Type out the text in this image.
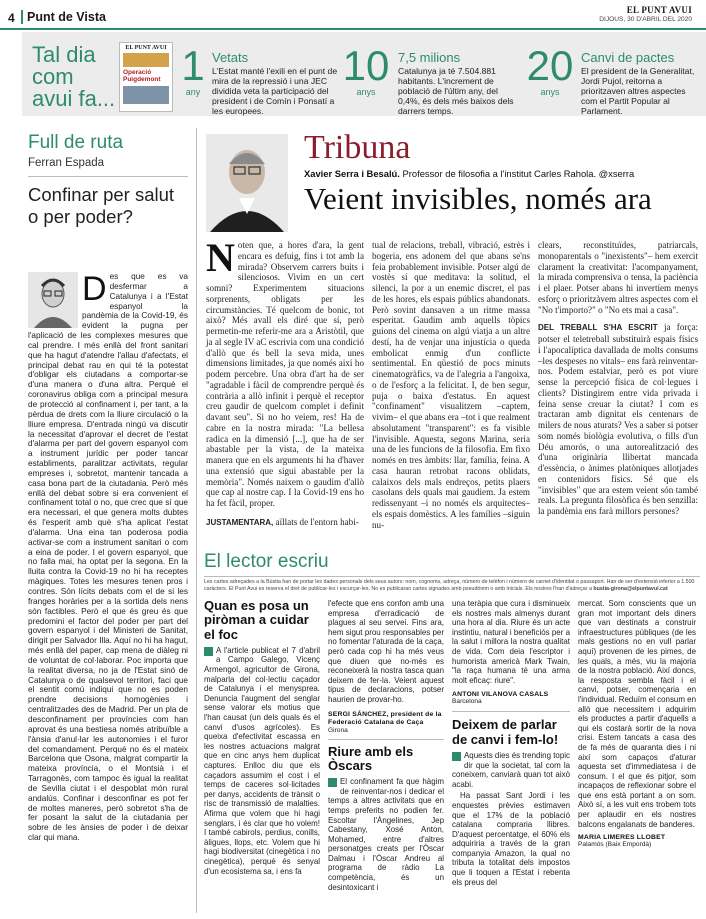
4 Punt de Vista	EL PUNT AVUI
DIJOUS, 30 D'ABRIL DEL 2020
Tal dia
com
avui fa...
EL PUNT AVUI
Operació Puigdemont 1
any
Vetats
L'Estat manté l'exili en el punt de mira de la repressió i una JEC dividida veta la participació del president i de Comín i Ponsatí a les europees.
10
anys
7,5 milions
Catalunya ja té 7.504.881 habitants. L'increment de població de l'últim any, del 0,4%, és dels més baixos dels darrers temps.
20
anys
Canvi de pactes
El president de la Generalitat, Jordi Pujol, reitorna a prioritzaven altres aspectes com el Partit Popular al Parlament.
Full de ruta
Ferran Espada
Confinar per salut o per poder?
D es que es va desfermar a Catalunya i a l'Estat espanyol la pandèmia de la Covid-19, és evident la pugna per l'aplicació de les complexes mesures que cal prendre. I més enllà del front sanitari que ha hagut d'atendre l'allau d'afectats, el principal debat rau en qui té la potestat d'obligar els ciutadans a comportar-se d'una manera o d'una altra. Perquè el coronavirus obliga com a principal mesura de protecció al confinament i, per tant, a la pèrdua de drets com la lliure circulació o la lliure empresa. D'entrada ningú va discutir la necessitat d'aprovar el decret de l'estat d'alarma per part del govern espanyol com a instrument jurídic per poder tancar establiments, paralitzar activitats, regular empreses i, sobretot, mantenir tancada a casa bona part de la ciutadania. Però més enllà del debat sobre si era convenient el confinament total o no, que crec que sí que era necessari, el que genera molts dubtes és l'esperit amb què s'ha aplicat l'estat d'alarma. Una eina tan poderosa podia activar-se com a instrument sanitari o com a eina de poder. I el govern espanyol, que no falla mai, ha optat per la segona. En la lluita contra la Covid-19 no hi ha receptes màgiques. Totes les mesures tenen pros i contres. Són lícits debats com el de si les franges horàries per a la sortida dels nens són factibles. Però el que és greu és que predomini el factor del poder per part del govern espanyol i del Ministeri de Sanitat, dirigit per Salvador Illa. Aquí no hi ha hagut, més enllà del paper, cap mena de diàleg ni de voluntat de col·laborar. Poc importa que la realitat diversa, no ja de l'Estat sinó de Catalunya o de qualsevol territori, faci que el sentit comú indiqui que no es poden prendre decisions homogènies i centralitzades des de Madrid. Per un pla de desconfinament per províncies com han aprovat és una bestiesa només atribuïble a l'ànsia d'anul·lar les autonomies i el furor del comandament. Perquè no és el mateix Barcelona que Osona, malgrat compartir la mateixa província, o el Montsià i el Tarragonès, com tampoc és igual la realitat de Sevilla ciutat i el despoblat món rural andalús. Confinar i desconfinar es pot fer de moltes maneres, però sobretot s'ha de fer posant la salut de la ciutadania per sobre de les ànsies de poder i de deixar clar qui mana.

Tribuna
Xavier Serra i Besalú. Professor de filosofia a l'institut Carles Rahola. @xserra
Veient invisibles, només ara
N oten que, a hores d'ara, la gent encara es defuig, fins i tot amb la mirada? Observem carrers buits i silenciosos. Vivim en un cert somni? Experimentem situacions sorprenents, obligats per les circumstàncies. Té quelcom de bonic, tot això? Més avall els diré que sí, però permetin-me referir-me ara a Aristòtil, que ja al segle IV aC escrivia com una condició d'allò que és bell la seva mida, unes dimensions limitades, ja que només així ho podem percebre. Una obra d'art ha de ser "agradable i fàcil de comprendre perquè és contrària a allò infinit i perquè el receptor creu gaudir de quelcom complet i definit davant seu". Si no ho veiem, res! Ha de cabre en la nostra mirada: "La bellesa radica en la dimensió [...], que ha de ser abastable per la vista, de la mateixa manera que en els arguments hi ha d'haver una extensió que sigui abastable per la memòria". Només naixem o gaudim d'allò que cap al nostre cap. I la Covid-19 ens ho ha fet fàcil, proper.

JUSTAMENTARA, aïllats de l'entorn habi-

tual de relacions, treball, vibració, estrès i bogeria, ens adonem del que abans se'ns feia probablement invisible. Potser algú de vostès sí que meditava: la solitud, el silenci, la por a un enemic discret, el pas de les hores, els espais públics abandonats. Però sovint dansaven a un ritme massa esperitat. Gaudim amb aquells tòpics guions del cinema on algú viatja a un altre destí, ha de venjar una injustícia o queda embolicat enmig d'un conflicte sentimental. En qüestió de pocs minuts cinematogràfics, va de l'alegria a l'angoixa, o de l'esforç a la felicitat. I, de ben segur, puja o baixa d'estatus. En aquest "confinament" visualitzem –captem, vivim– el que abans era –tot i que realment absolutament "transparent": es fa visible l'invisible. Aquesta, segons Marina, seria una de les funcions de la filosofia. Em fixo només en tres àmbits: llar, família, feina. A casa hauran retrobat racons oblidats, calaixos dels mals endreços, petits plaers casolans dels quals mai gaudiem. Ja estem redissenyant –i no només els arquitectes– els espais domèstics. A les famílies –siguin nu-

clears, reconstituïdes, patriarcals, monoparentals o "inexistents"– hem exercit clarament la creativitat: l'acompanyament, la mirada comprensiva o tensa, la paciència i el plaer. Potser abans hi invertíem menys esforç o prioritzàvem altres aspectes com el "No t'importo?" o "No ets mai a casa".

DEL TREBALL S'HA ESCRIT ja força: potser el teletreball substituirà espais físics i l'apocalíptica davallada de molts consums –les despeses no vitals– ens farà reinventar-nos. Podem estalviar, però es pot viure sense la percepció física de col·legues i clients? Distingirem entre vida privada i feina sense creuar la ciutat? I com es tractaran amb dignitat els centenars de milers de nous aturats? Ves a saber si potser som només biològia evolutiva, o fills d'un Déu amorós, o una autorealització des d'una originària llibertat mancada d'essència, o ànimes platòniques allotjades en contenidors físics. Sé que els "invisibles" que ara estem veient són també reals. La pregunta filosòfica és ben senzilla: la pandèmia ens farà millors persones?

El lector escriu
Les cartes adreçades a la Bústia han de portar les dades personals dels seus autors: nom, cognoms, adreça, número de telèfon i número de carnet d'identitat o passaport. Han de ser d'extensió inferior a 1.500 caràcters. El Punt Avui es reserva el dret de publicar-les i escurçar-les. No es publicaran cartes signades amb pseudònim o amb inicials. Els nostres l'han d'adreçar a bustia-girona@elpuntavui.cat

Quan es posa un piròman a cuidar el foc

A l'article publicat el 7 d'abril a Campo Galego, Vicenç Armengol, agricultor de Girona, malparla del col·lectiu caçador de Catalunya i el menysprea. Denuncia l'augment del senglar sense valorar els motius que l'han causat (un dels quals és el canvi d'usos agrícoles). Es queixa d'efectivitat escassa en les nostres actuacions malgrat que en cinc anys hem duplicat captures. Enlloc diu que els caçadors assumim el cost i el temps de caceres sol·licitades per danys, accidents de trànsit o risc de transmissió de malalties. Afirma que volem que hi hagi senglars, i és clar que ho volem! I també cabirols, perdius, conills, àligues, llops, etc. Volem que hi hagi biodiversitat (cinegètica i no cinegètica), perquè és senyal d'un ecosistema sa, i ens fa

l'efecte que ens confon amb una empresa d'erradicació de plagues al seu servei. Fins ara, hem sigut prou responsables per no fomentar l'aturada de la caça, però cada cop hi ha més veus que diuen que no-més es reconeixerà la nostra tasca quan deixem de fer-la. Veient aquest tipus de declaracions, potser haurien de provar-ho.

SERGI SÁNCHEZ, president de la Federació Catalana de Caça
Girona

Riure amb els Òscars

El confinament fa que hàgim de reinventar-nos i dedicar el temps a altres activitats que en temps preferits no podien fer. Escoltar l'Àngelines, Jep Cabestany, Xosé Anton, Mohamed, entre d'altres personatges creats per l'Òscar Dalmau i l'Òscar Andreu al programa de ràdio La competència, és un desintoxicant i

una teràpia que cura i disminueix els nostres mals almenys durant una hora al dia. Riure és un acte instintiu, natural i beneficiós per a la salut i millora la nostra qualitat de vida. Com deia l'escriptor i humorista americà Mark Twain, "la raça humana té una arma molt eficaç: riure".

ANTONI VILANOVA CASALS
Barcelona

Deixem de parlar de canvi i fem-lo!

Aquests dies és trending topic dir que la societat, tal com la coneixem, canviarà quan tot això acabi.

Ha passat Sant Jordi i les enquestes prèvies estimaven que el 17% de la població catalana compraria llibres. D'aquest percentatge, el 60% els adquiriria a través de la gran companyia Amazon, la qual no tributa la totalitat dels impostos que li toquen a l'Estat i rebenta els preus del

mercat. Som conscients que un gran mot important dels diners que van destinats a construir infraestructures públiques (de les mals gestions no en vull parlar aquí) provenen de les pimes, de les quals, a més, viu la majoria de la nostra població. Així doncs, la resposta sembla fàcil i el canvi, potser, començaria en l'individual. Reduïm el consum en allò que necessitem i adquirim els productes a partir d'aquells a qui els costarà sortir de la nova crisi. Estem tancats a casa des de fa més de quaranta dies i ni així som capaços d'aturar aquesta set d'immediatesa i de consum. I el que és pitjor, som incapaços de reflexionar sobre el que ens està portant a on som. Això sí, a les vuit ens trobem tots per aplaudir en els nostres balcons engalanats de banderes.

MARIA LIMERES LLOBET
Palamós (Baix Empordà)
